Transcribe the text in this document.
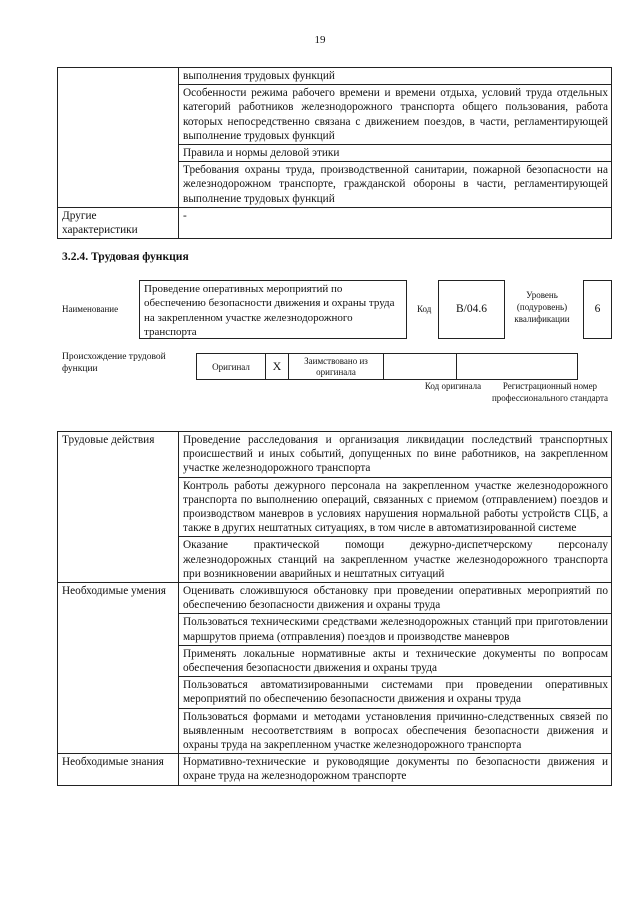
19
	выполнения трудовых функций
	Особенности режима рабочего времени и времени отдыха, условий труда отдельных категорий работников железнодорожного транспорта общего пользования, работа которых непосредственно связана с движением поездов, в части, регламентирующей выполнение трудовых функций
	Правила и нормы деловой этики
	Требования охраны труда, производственной санитарии, пожарной безопасности на железнодорожном транспорте, гражданской обороны в части, регламентирующей выполнение трудовых функций
Другие характеристики	-
3.2.4. Трудовая функция
Наименование
Проведение оперативных мероприятий по обеспечению безопасности движения и охраны труда на закрепленном участке железнодорожного транспорта
Код	B/04.6
Уровень (подуровень) квалификации
6
Происхождение трудовой функции	Оригинал	X	Заимствовано из оригинала		
Код оригинала	Регистрационный номер профессионального стандарта
Трудовые действия	Проведение расследования и организация ликвидации последствий транспортных происшествий и иных событий, допущенных по вине работников, на закрепленном участке железнодорожного транспорта
	Контроль работы дежурного персонала на закрепленном участке железнодорожного транспорта по выполнению операций, связанных с приемом (отправлением) поездов и производством маневров в условиях нарушения нормальной работы устройств СЦБ, а также в других нештатных ситуациях, в том числе в автоматизированной системе
	Оказание практической помощи дежурно-диспетчерскому персоналу железнодорожных станций на закрепленном участке железнодорожного транспорта при возникновении аварийных и нештатных ситуаций
Необходимые умения	Оценивать сложившуюся обстановку при проведении оперативных мероприятий по обеспечению безопасности движения и охраны труда
	Пользоваться техническими средствами железнодорожных станций при приготовлении маршрутов приема (отправления) поездов и производстве маневров
	Применять локальные нормативные акты и технические документы по вопросам обеспечения безопасности движения и охраны труда
	Пользоваться автоматизированными системами при проведении оперативных мероприятий по обеспечению безопасности движения и охраны труда
	Пользоваться формами и методами установления причинно-следственных связей по выявленным несоответствиям в вопросах обеспечения безопасности движения и охраны труда на закрепленном участке железнодорожного транспорта
Необходимые знания	Нормативно-технические и руководящие документы по безопасности движения и охране труда на железнодорожном транспорте
